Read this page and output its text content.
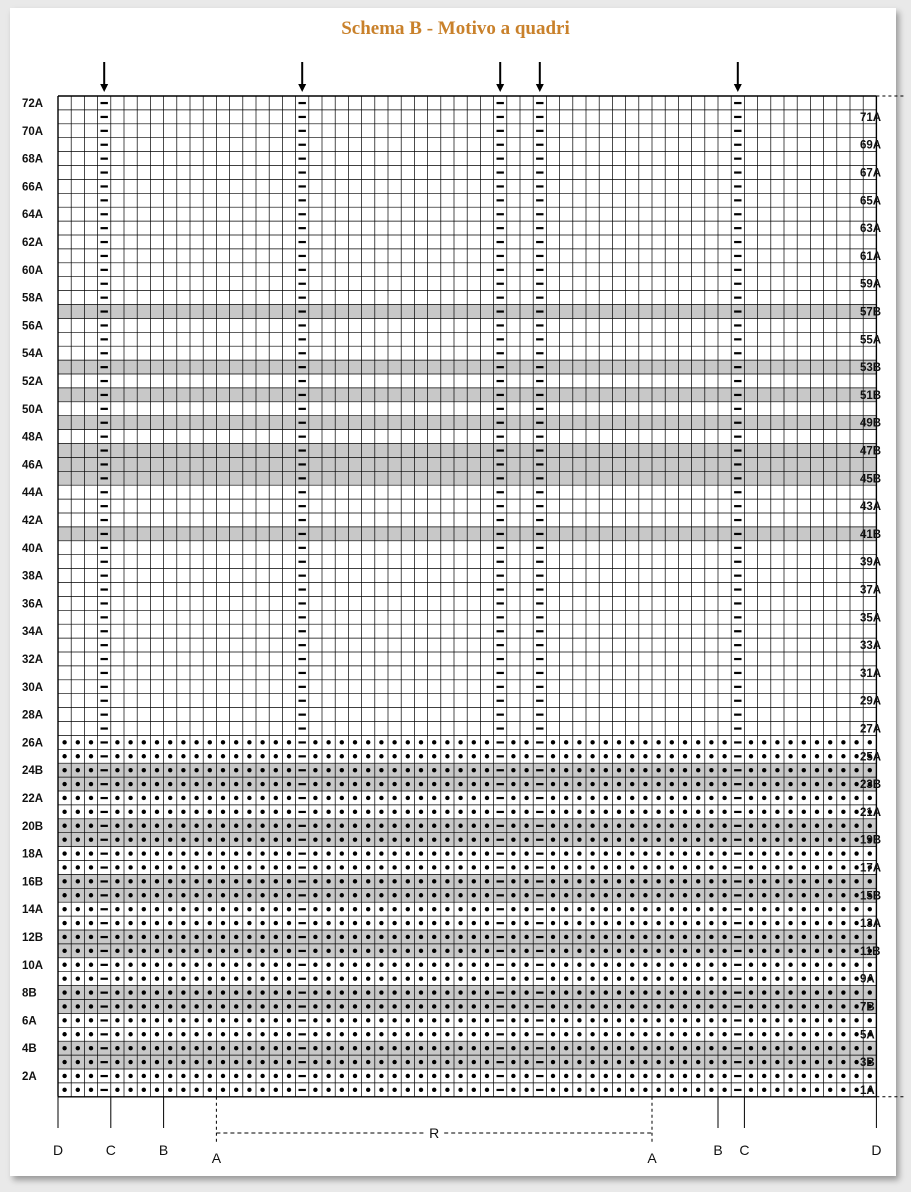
Schema B - Motivo a quadri
2A
4B
6A
8B
10A
12B
14A
16B
18A
20B
22A
24B
26A
28A
30A
32A
34A
36A
38A
40A
42A
44A
46A
48A
50A
52A
54A
56A
58A
60A
62A
64A
66A
68A
70A
72A
1A
3B
5A
7B
9A
11B
13A
15B
17A
19B
21A
23B
25A
27A
29A
31A
33A
35A
37A
39A
41B
43A
45B
47B
49B
51B
53B
55A
57B
59A
61A
63A
65A
67A
69A
71A
D	C	B	A	A	B C	D
R
